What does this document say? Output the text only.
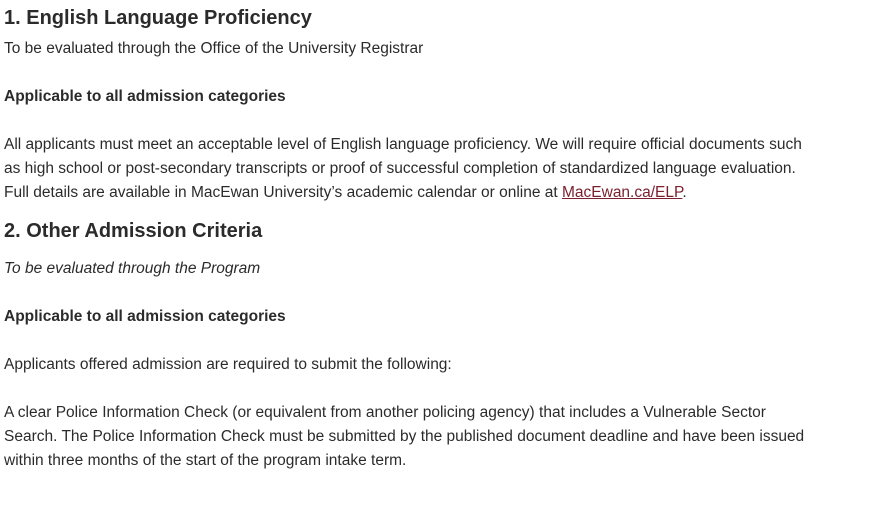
1. English Language Proficiency

To be evaluated through the Office of the University Registrar

Applicable to all admission categories

All applicants must meet an acceptable level of English language proficiency. We will require official documents such as high school or post-secondary transcripts or proof of successful completion of standardized language evaluation. Full details are available in MacEwan University’s academic calendar or online at MacEwan.ca/ELP.

2. Other Admission Criteria

To be evaluated through the Program

Applicable to all admission categories

Applicants offered admission are required to submit the following:

A clear Police Information Check (or equivalent from another policing agency) that includes a Vulnerable Sector Search. The Police Information Check must be submitted by the published document deadline and have been issued within three months of the start of the program intake term.
